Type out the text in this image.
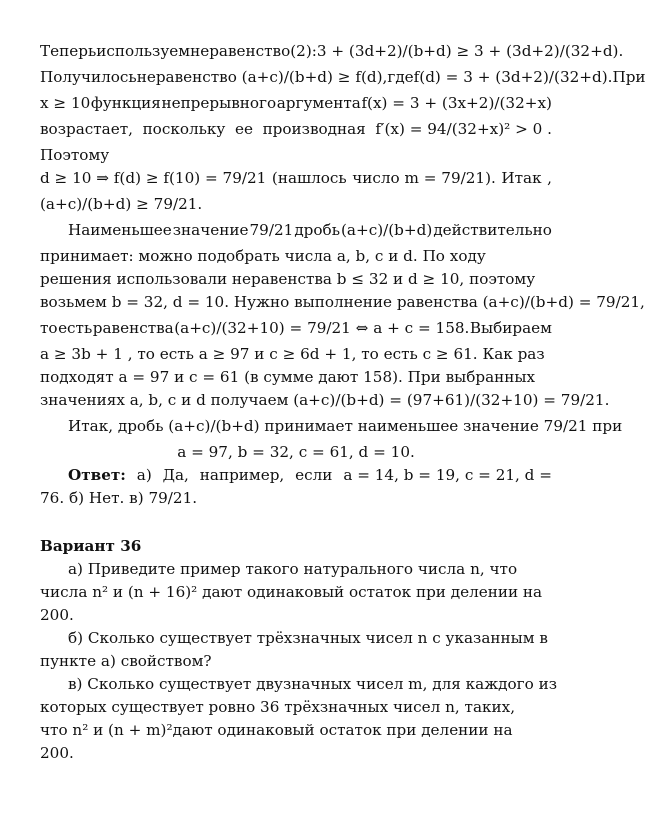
Теперь используем неравенство (2): 3 + (3d+2)/(b+d) ≥ 3 + (3d+2)/(32+d).
Получилось неравенство (a+c)/(b+d) ≥ f(d), где f(d) = 3 + (3d+2)/(32+d). При
x ≥ 10 функция непрерывного аргумента f(x) = 3 + (3x+2)/(32+x)
возрастает, поскольку ее производная f′(x) = 94/(32+x)² > 0 .
Поэтому
d ≥ 10 ⇒ f(d) ≥ f(10) = 79/21 (нашлось число m = 79/21). Итак ,
(a+c)/(b+d) ≥ 79/21.
Наименьшее значение 79/21 дробь (a+c)/(b+d) действительно
принимает: можно подобрать числа a, b, c и d. По ходу
решения использовали неравенства b ≤ 32 и d ≥ 10, поэтому
возьмем b = 32, d = 10. Нужно выполнение равенства (a+c)/(b+d) = 79/21,
то есть равенства (a+c)/(32+10) = 79/21 ⇔ a + c = 158. Выбираем
a ≥ 3b + 1 , то есть a ≥ 97 и c ≥ 6d + 1, то есть c ≥ 61. Как раз
подходят a = 97 и c = 61 (в сумме дают 158). При выбранных
значениях a, b, c и d получаем (a+c)/(b+d) = (97+61)/(32+10) = 79/21.
Итак, дробь (a+c)/(b+d) принимает наименьшее значение 79/21 при
a = 97, b = 32, c = 61, d = 10.
Ответ: а) Да, например, если a = 14, b = 19, c = 21, d =
76. б) Нет. в) 79/21.
Вариант 36
а) Приведите пример такого натурального числа n, что
числа n² и (n + 16)² дают одинаковый остаток при делении на
200.
б) Сколько существует трёхзначных чисел n с указанным в
пункте а) свойством?
в) Сколько существует двузначных чисел m, для каждого из
которых существует ровно 36 трёхзначных чисел n, таких,
что n² и (n + m)²дают одинаковый остаток при делении на
200.
